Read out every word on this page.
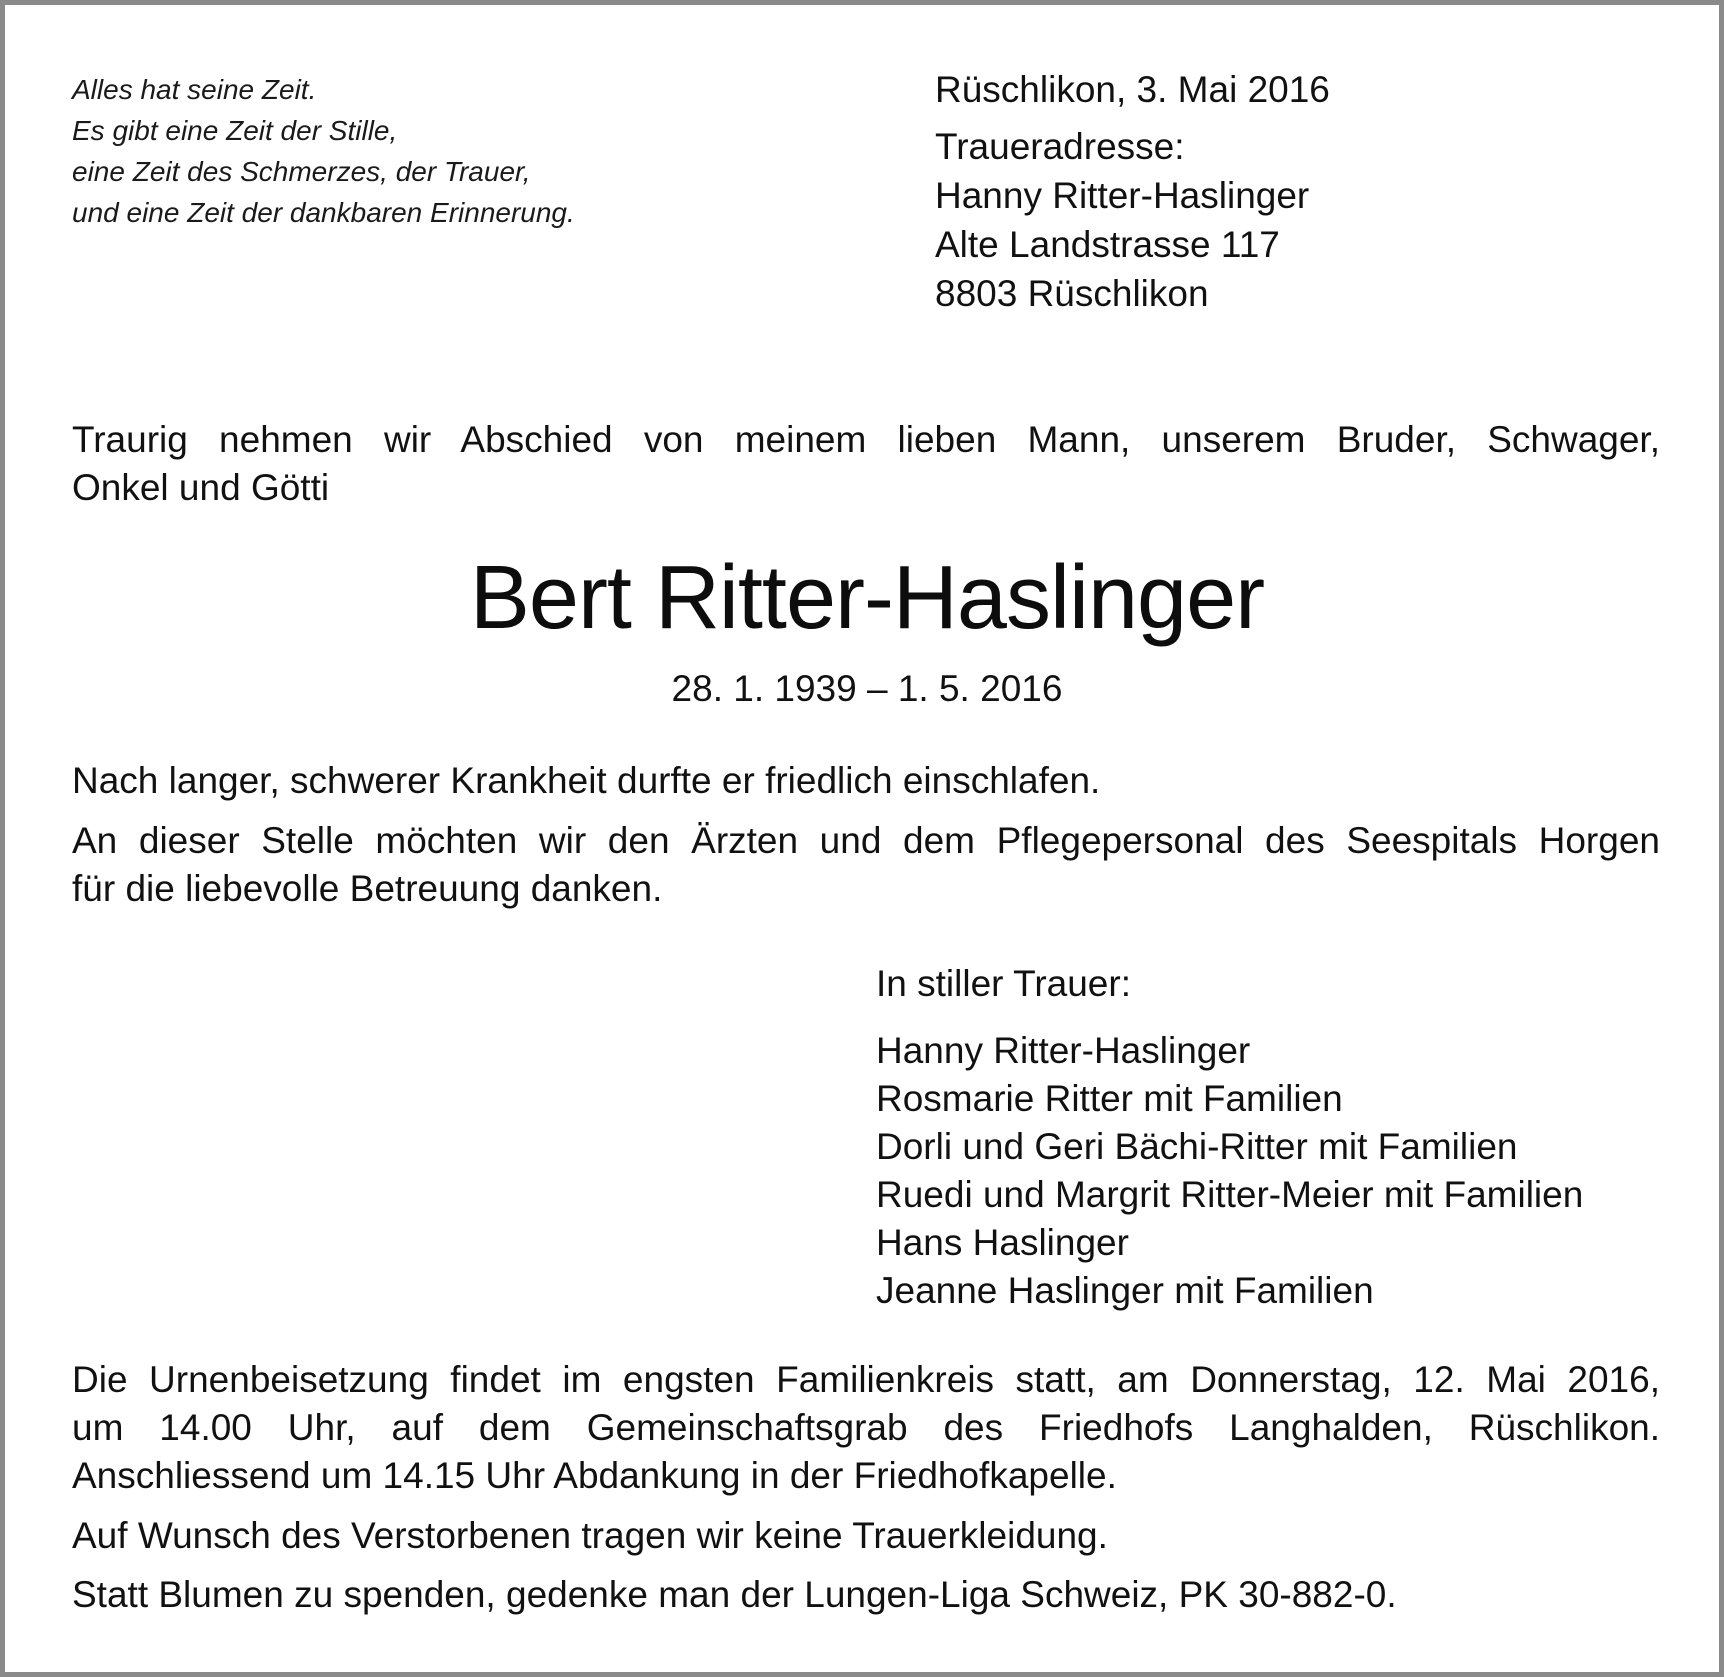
Alles hat seine Zeit.
Es gibt eine Zeit der Stille,
eine Zeit des Schmerzes, der Trauer,
und eine Zeit der dankbaren Erinnerung.
Rüschlikon, 3. Mai 2016
Traueradresse:
Hanny Ritter-Haslinger
Alte Landstrasse 117
8803 Rüschlikon
Traurig nehmen wir Abschied von meinem lieben Mann, unserem Bruder, Schwager,
Onkel und Götti
Bert Ritter-Haslinger
28. 1. 1939 – 1. 5. 2016
Nach langer, schwerer Krankheit durfte er friedlich einschlafen.
An dieser Stelle möchten wir den Ärzten und dem Pflegepersonal des Seespitals Horgen
für die liebevolle Betreuung danken.
In stiller Trauer:
Hanny Ritter-Haslinger
Rosmarie Ritter mit Familien
Dorli und Geri Bächi-Ritter mit Familien
Ruedi und Margrit Ritter-Meier mit Familien
Hans Haslinger
Jeanne Haslinger mit Familien
Die Urnenbeisetzung findet im engsten Familienkreis statt, am Donnerstag, 12. Mai 2016,
um 14.00 Uhr, auf dem Gemeinschaftsgrab des Friedhofs Langhalden, Rüschlikon.
Anschliessend um 14.15 Uhr Abdankung in der Friedhofkapelle.
Auf Wunsch des Verstorbenen tragen wir keine Trauerkleidung.
Statt Blumen zu spenden, gedenke man der Lungen-Liga Schweiz, PK 30-882-0.
